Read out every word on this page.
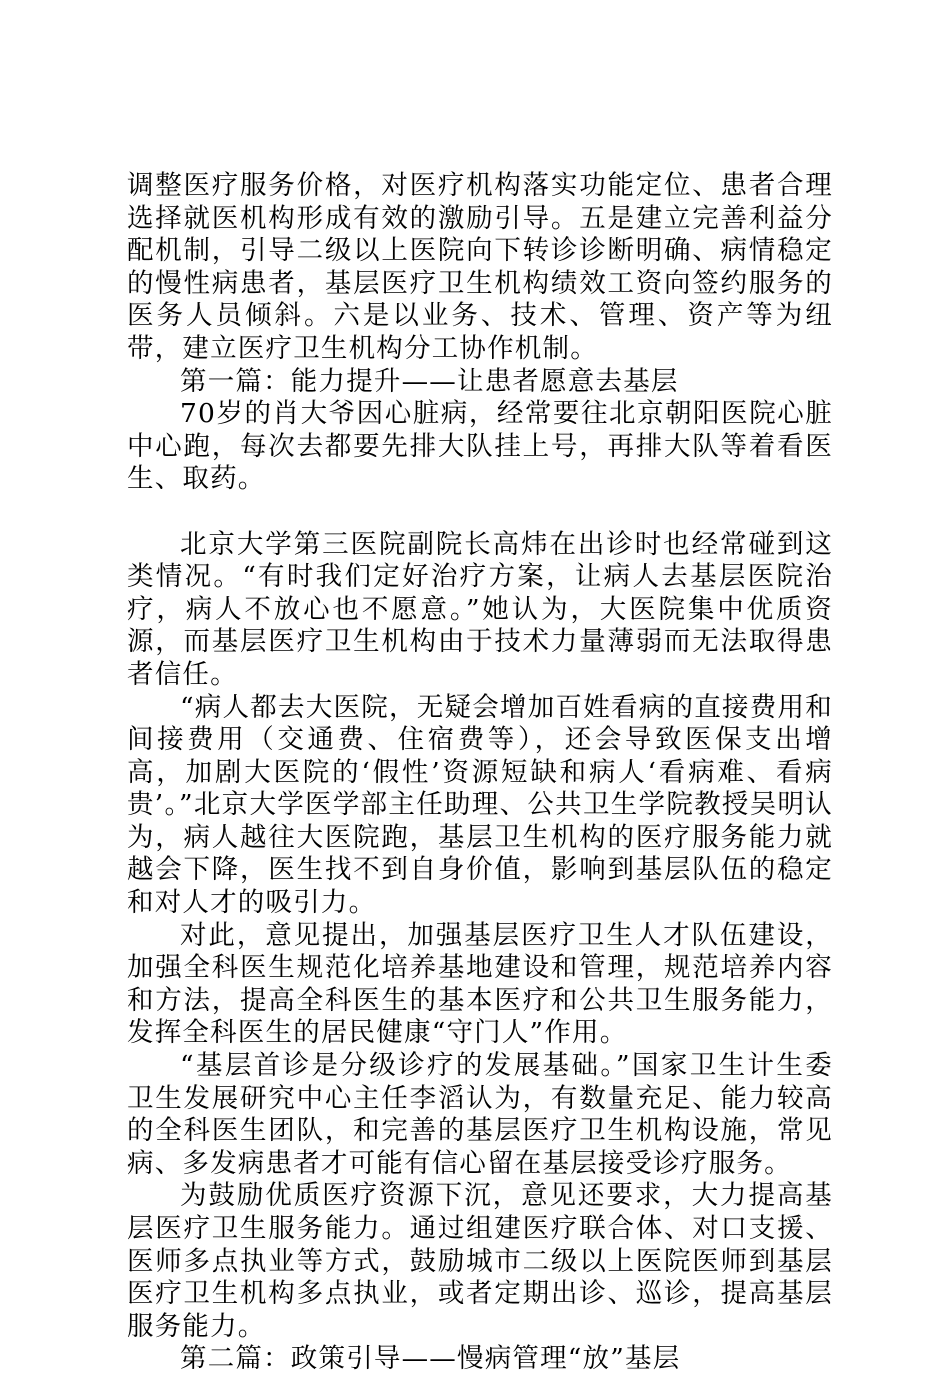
调整医疗服务价格，对医疗机构落实功能定位、患者合理选择就医机构形成有效的激励引导。五是建立完善利益分配机制，引导二级以上医院向下转诊诊断明确、病情稳定的慢性病患者，基层医疗卫生机构绩效工资向签约服务的医务人员倾斜。六是以业务、技术、管理、资产等为纽带，建立医疗卫生机构分工协作机制。

第一篇：能力提升——让患者愿意去基层

70岁的肖大爷因心脏病，经常要往北京朝阳医院心脏中心跑，每次去都要先排大队挂上号，再排大队等着看医生、取药。

北京大学第三医院副院长高炜在出诊时也经常碰到这类情况。“有时我们定好治疗方案，让病人去基层医院治疗，病人不放心也不愿意。”她认为，大医院集中优质资源，而基层医疗卫生机构由于技术力量薄弱而无法取得患者信任。

“病人都去大医院，无疑会增加百姓看病的直接费用和间接费用（交通费、住宿费等），还会导致医保支出增高，加剧大医院的‘假性’资源短缺和病人‘看病难、看病贵’。”北京大学医学部主任助理、公共卫生学院教授吴明认为，病人越往大医院跑，基层卫生机构的医疗服务能力就越会下降，医生找不到自身价值，影响到基层队伍的稳定和对人才的吸引力。

对此，意见提出，加强基层医疗卫生人才队伍建设，加强全科医生规范化培养基地建设和管理，规范培养内容和方法，提高全科医生的基本医疗和公共卫生服务能力，发挥全科医生的居民健康“守门人”作用。

“基层首诊是分级诊疗的发展基础。”国家卫生计生委卫生发展研究中心主任李滔认为，有数量充足、能力较高的全科医生团队，和完善的基层医疗卫生机构设施，常见病、多发病患者才可能有信心留在基层接受诊疗服务。

为鼓励优质医疗资源下沉，意见还要求，大力提高基层医疗卫生服务能力。通过组建医疗联合体、对口支援、医师多点执业等方式，鼓励城市二级以上医院医师到基层医疗卫生机构多点执业，或者定期出诊、巡诊，提高基层服务能力。

第二篇：政策引导——慢病管理“放”基层
